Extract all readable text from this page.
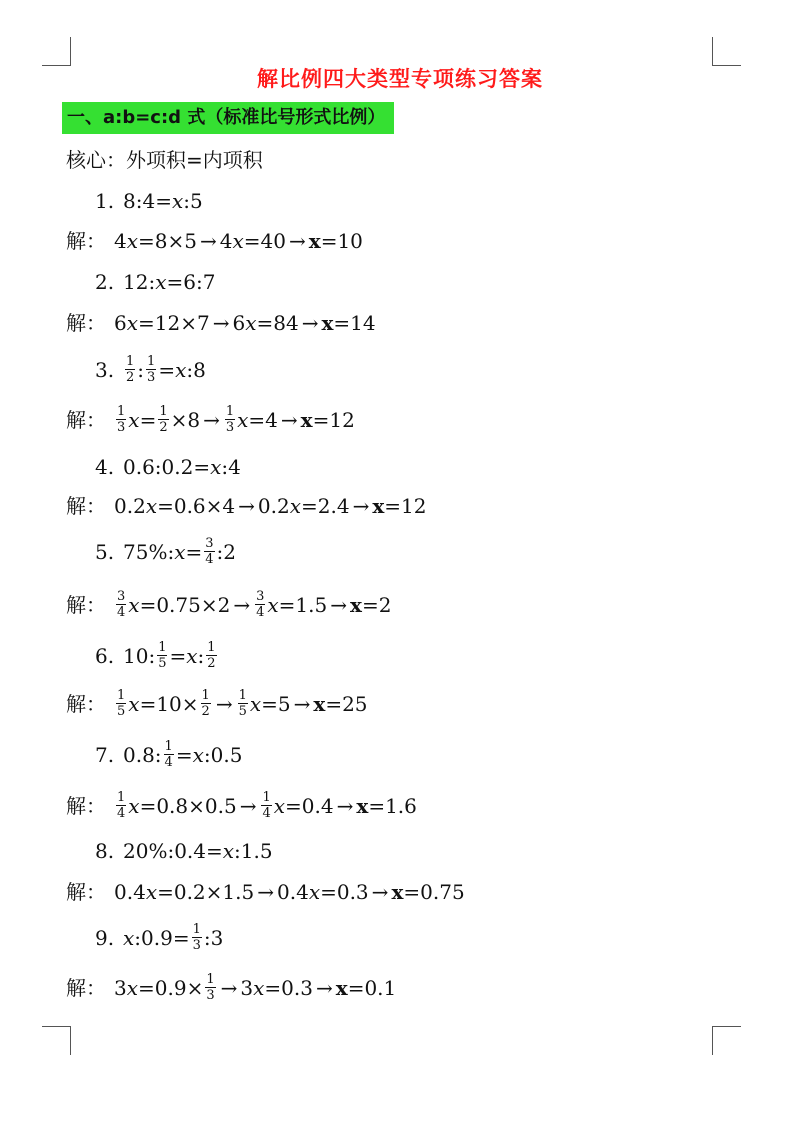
解比例四大类型专项练习答案
一、a:b=c:d 式（标准比号形式比例）
核心：外项积=内项积
1. 8:4= x :5
解： 4 x =8×5 → 4 x =40 → x =10
2. 12: x =6:7
解： 6 x =12×7 → 6 x =84 → x =14
3. $\frac{1}{2}$ : $\frac{1}{3} = x$ :8
解： $\frac{1}{3}$ $x = \frac{1}{2} \times 8 \to \frac{1}{3}$ x =4 → x =12
4. 0.6:0.2= x :4
解： 0.2 x =0.6×4 → 0.2 x =2.4 → x =12
5. 75%: $x = \frac{3}{4}$ :2
解： $\frac{3}{4}$ $x =0.75\times 2 \to \frac{3}{4}$ x =1.5 → x =2
6. 10: $\frac{1}{5} = x$ : $\frac{1}{2}$
解： $\frac{1}{5}$ $x =10\times \frac{1}{2} \to \frac{1}{5}$ x =5 → x =25
7. 0.8: $\frac{1}{4} = x$ :0.5
解： $\frac{1}{4}$ $x =0.8\times 0.5 \to \frac{1}{4}$ x =0.4 → x =1.6
8. 20%:0.4= x :1.5
解： 0.4 x =0.2×1.5 → 0.4 x =0.3 → x =0.75
9. x :0.9= $\frac{1}{3}$ :3
解： 3 $x =0.9\times \frac{1}{3} \to 3$ x =0.3 → x =0.1
